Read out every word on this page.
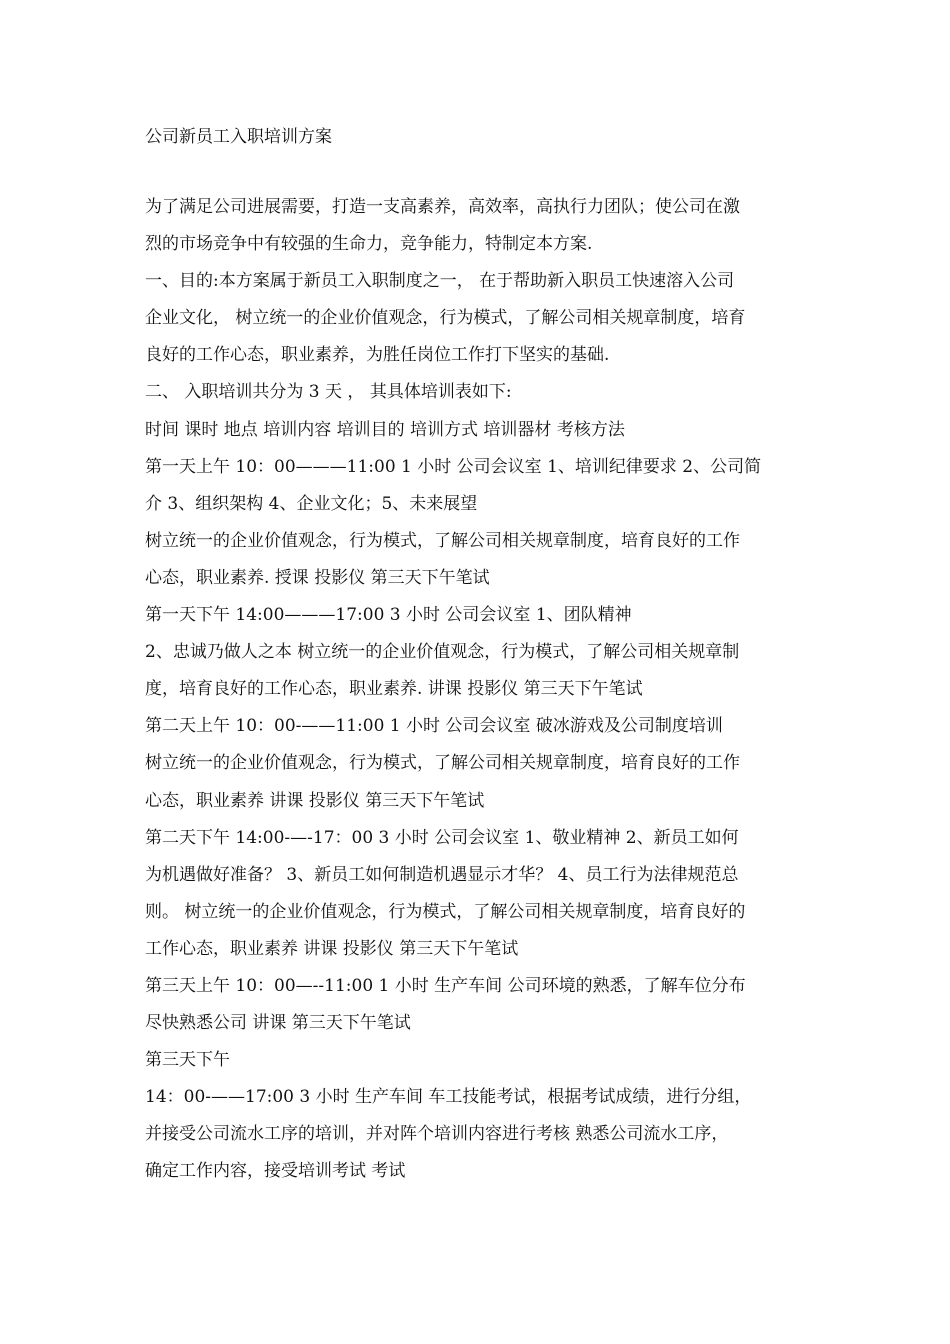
公司新员工入职培训方案
为了满足公司进展需要，打造一支高素养，高效率，高执行力团队；使公司在激
烈的市场竞争中有较强的生命力，竞争能力，特制定本方案.
一、目的:本方案属于新员工入职制度之一， 在于帮助新入职员工快速溶入公司
企业文化， 树立统一的企业价值观念，行为模式，了解公司相关规章制度，培育
良好的工作心态，职业素养，为胜任岗位工作打下坚实的基础.
二、 入职培训共分为 3 天 ， 其具体培训表如下:
时间 课时 地点 培训内容 培训目的 培训方式 培训器材 考核方法
第一天上午 10：00———11:00 1 小时 公司会议室 1、培训纪律要求 2、公司简
介 3、组织架构 4、企业文化；5、未来展望
树立统一的企业价值观念，行为模式，了解公司相关规章制度，培育良好的工作
心态，职业素养. 授课 投影仪 第三天下午笔试
第一天下午 14:00———17:00 3 小时 公司会议室 1、团队精神
2、忠诚乃做人之本 树立统一的企业价值观念，行为模式，了解公司相关规章制
度，培育良好的工作心态，职业素养. 讲课 投影仪 第三天下午笔试
第二天上午 10：00-——11:00 1 小时 公司会议室 破冰游戏及公司制度培训
树立统一的企业价值观念，行为模式，了解公司相关规章制度，培育良好的工作
心态，职业素养 讲课 投影仪 第三天下午笔试
第二天下午 14:00-—-17：00 3 小时 公司会议室 1、敬业精神 2、新员工如何
为机遇做好准备？ 3、新员工如何制造机遇显示才华？ 4、员工行为法律规范总
则。 树立统一的企业价值观念，行为模式，了解公司相关规章制度，培育良好的
工作心态，职业素养 讲课 投影仪 第三天下午笔试
第三天上午 10：00—--11:00 1 小时 生产车间 公司环境的熟悉，了解车位分布
尽快熟悉公司 讲课 第三天下午笔试
第三天下午
14：00-——17:00 3 小时 生产车间 车工技能考试，根据考试成绩，进行分组，
并接受公司流水工序的培训，并对阵个培训内容进行考核 熟悉公司流水工序，
确定工作内容，接受培训考试 考试
